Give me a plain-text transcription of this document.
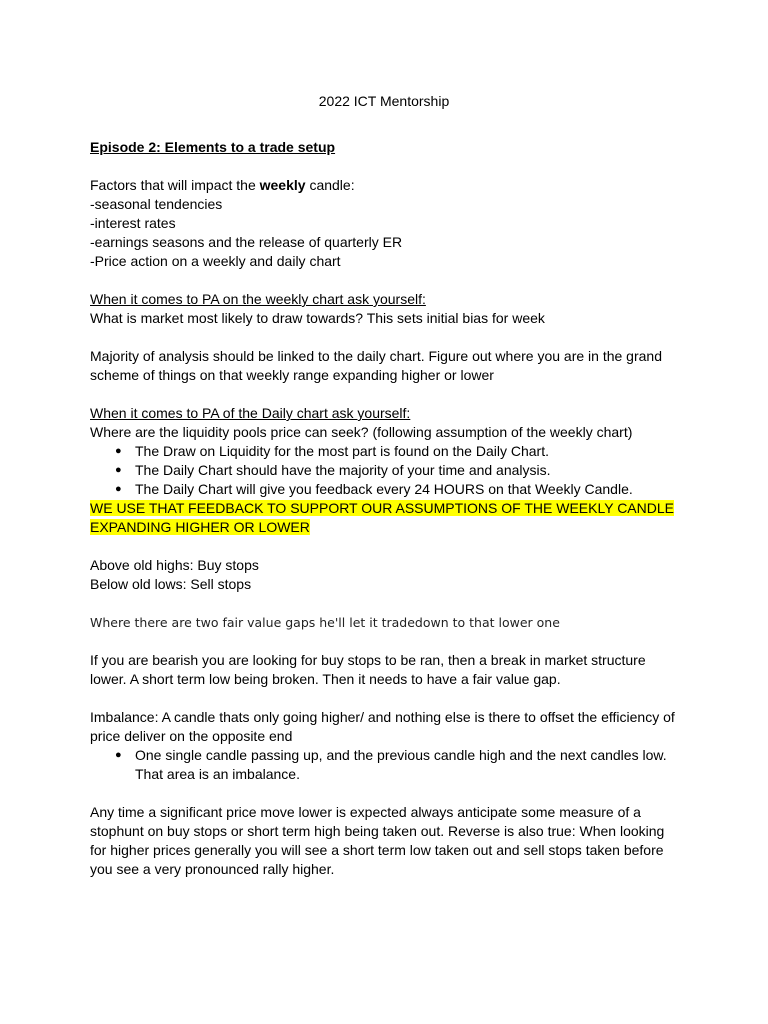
2022 ICT Mentorship
Episode 2: Elements to a trade setup
Factors that will impact the weekly candle:
-seasonal tendencies
-interest rates
-earnings seasons and the release of quarterly ER
-Price action on a weekly and daily chart
When it comes to PA on the weekly chart ask yourself:
What is market most likely to draw towards? This sets initial bias for week
Majority of analysis should be linked to the daily chart. Figure out where you are in the grand scheme of things on that weekly range expanding higher or lower
When it comes to PA of the Daily chart ask yourself:
Where are the liquidity pools price can seek? (following assumption of the weekly chart)
● The Draw on Liquidity for the most part is found on the Daily Chart.
● The Daily Chart should have the majority of your time and analysis.
● The Daily Chart will give you feedback every 24 HOURS on that Weekly Candle.
WE USE THAT FEEDBACK TO SUPPORT OUR ASSUMPTIONS OF THE WEEKLY CANDLE
EXPANDING HIGHER OR LOWER
Above old highs: Buy stops
Below old lows: Sell stops
Where there are two fair value gaps he'll let it tradedown to that lower one
If you are bearish you are looking for buy stops to be ran, then a break in market structure lower. A short term low being broken. Then it needs to have a fair value gap.
Imbalance: A candle thats only going higher/ and nothing else is there to offset the efficiency of price deliver on the opposite end
● One single candle passing up, and the previous candle high and the next candles low. That area is an imbalance.
Any time a significant price move lower is expected always anticipate some measure of a stophunt on buy stops or short term high being taken out. Reverse is also true: When looking for higher prices generally you will see a short term low taken out and sell stops taken before you see a very pronounced rally higher.
